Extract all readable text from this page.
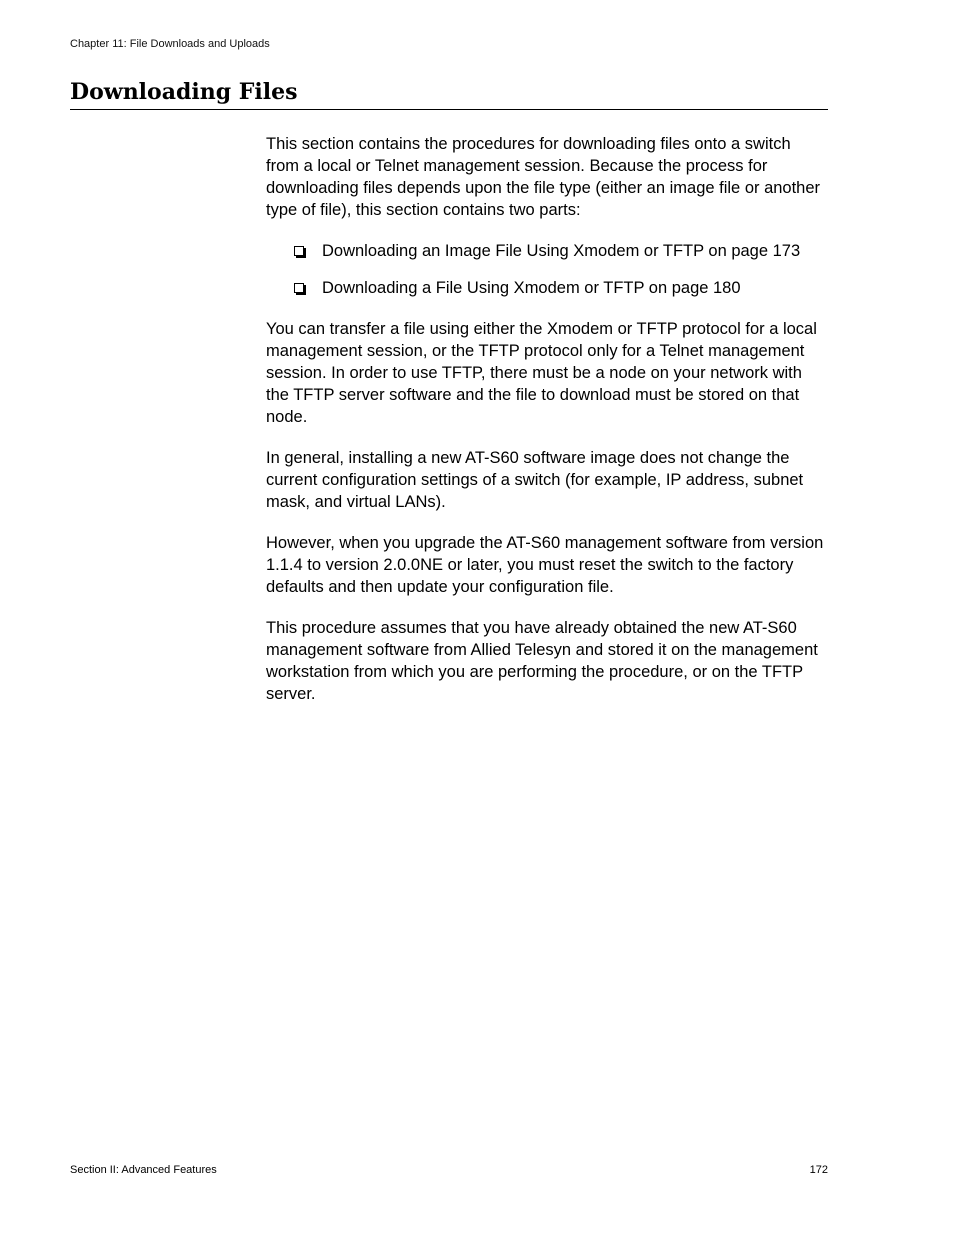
Chapter 11: File Downloads and Uploads
Downloading Files

This section contains the procedures for downloading files onto a switch from a local or Telnet management session. Because the process for downloading files depends upon the file type (either an image file or another type of file), this section contains two parts:

Downloading an Image File Using Xmodem or TFTP on page 173
Downloading a File Using Xmodem or TFTP on page 180

You can transfer a file using either the Xmodem or TFTP protocol for a local management session, or the TFTP protocol only for a Telnet management session. In order to use TFTP, there must be a node on your network with the TFTP server software and the file to download must be stored on that node.

In general, installing a new AT-S60 software image does not change the current configuration settings of a switch (for example, IP address, subnet mask, and virtual LANs).

However, when you upgrade the AT-S60 management software from version 1.1.4 to version 2.0.0NE or later, you must reset the switch to the factory defaults and then update your configuration file.

This procedure assumes that you have already obtained the new AT-S60 management software from Allied Telesyn and stored it on the management workstation from which you are performing the procedure, or on the TFTP server.

Section II: Advanced Features	172
